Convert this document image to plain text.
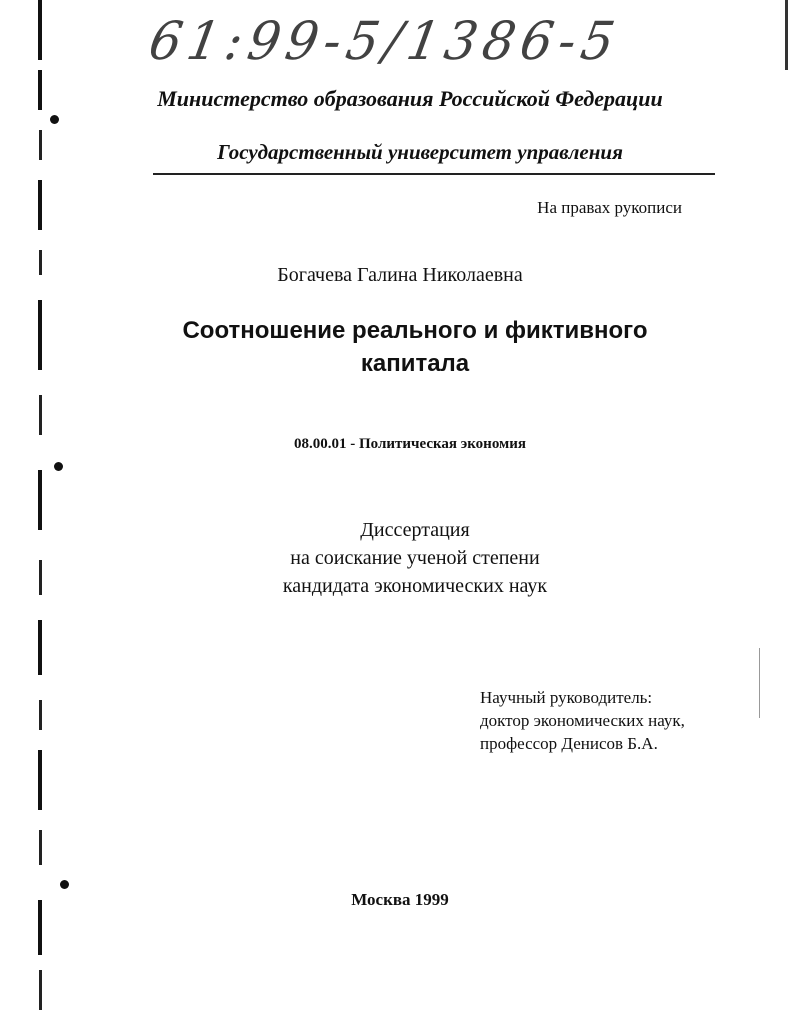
61:99-5/1386-5
Министерство образования Российской Федерации
Государственный университет управления
На правах рукописи
Богачева Галина Николаевна
Соотношение реального и фиктивного
капитала
08.00.01 - Политическая экономия
Диссертация
на соискание ученой степени
кандидата экономических наук
Научный руководитель:
доктор экономических наук,
профессор Денисов Б.А.
Москва 1999
